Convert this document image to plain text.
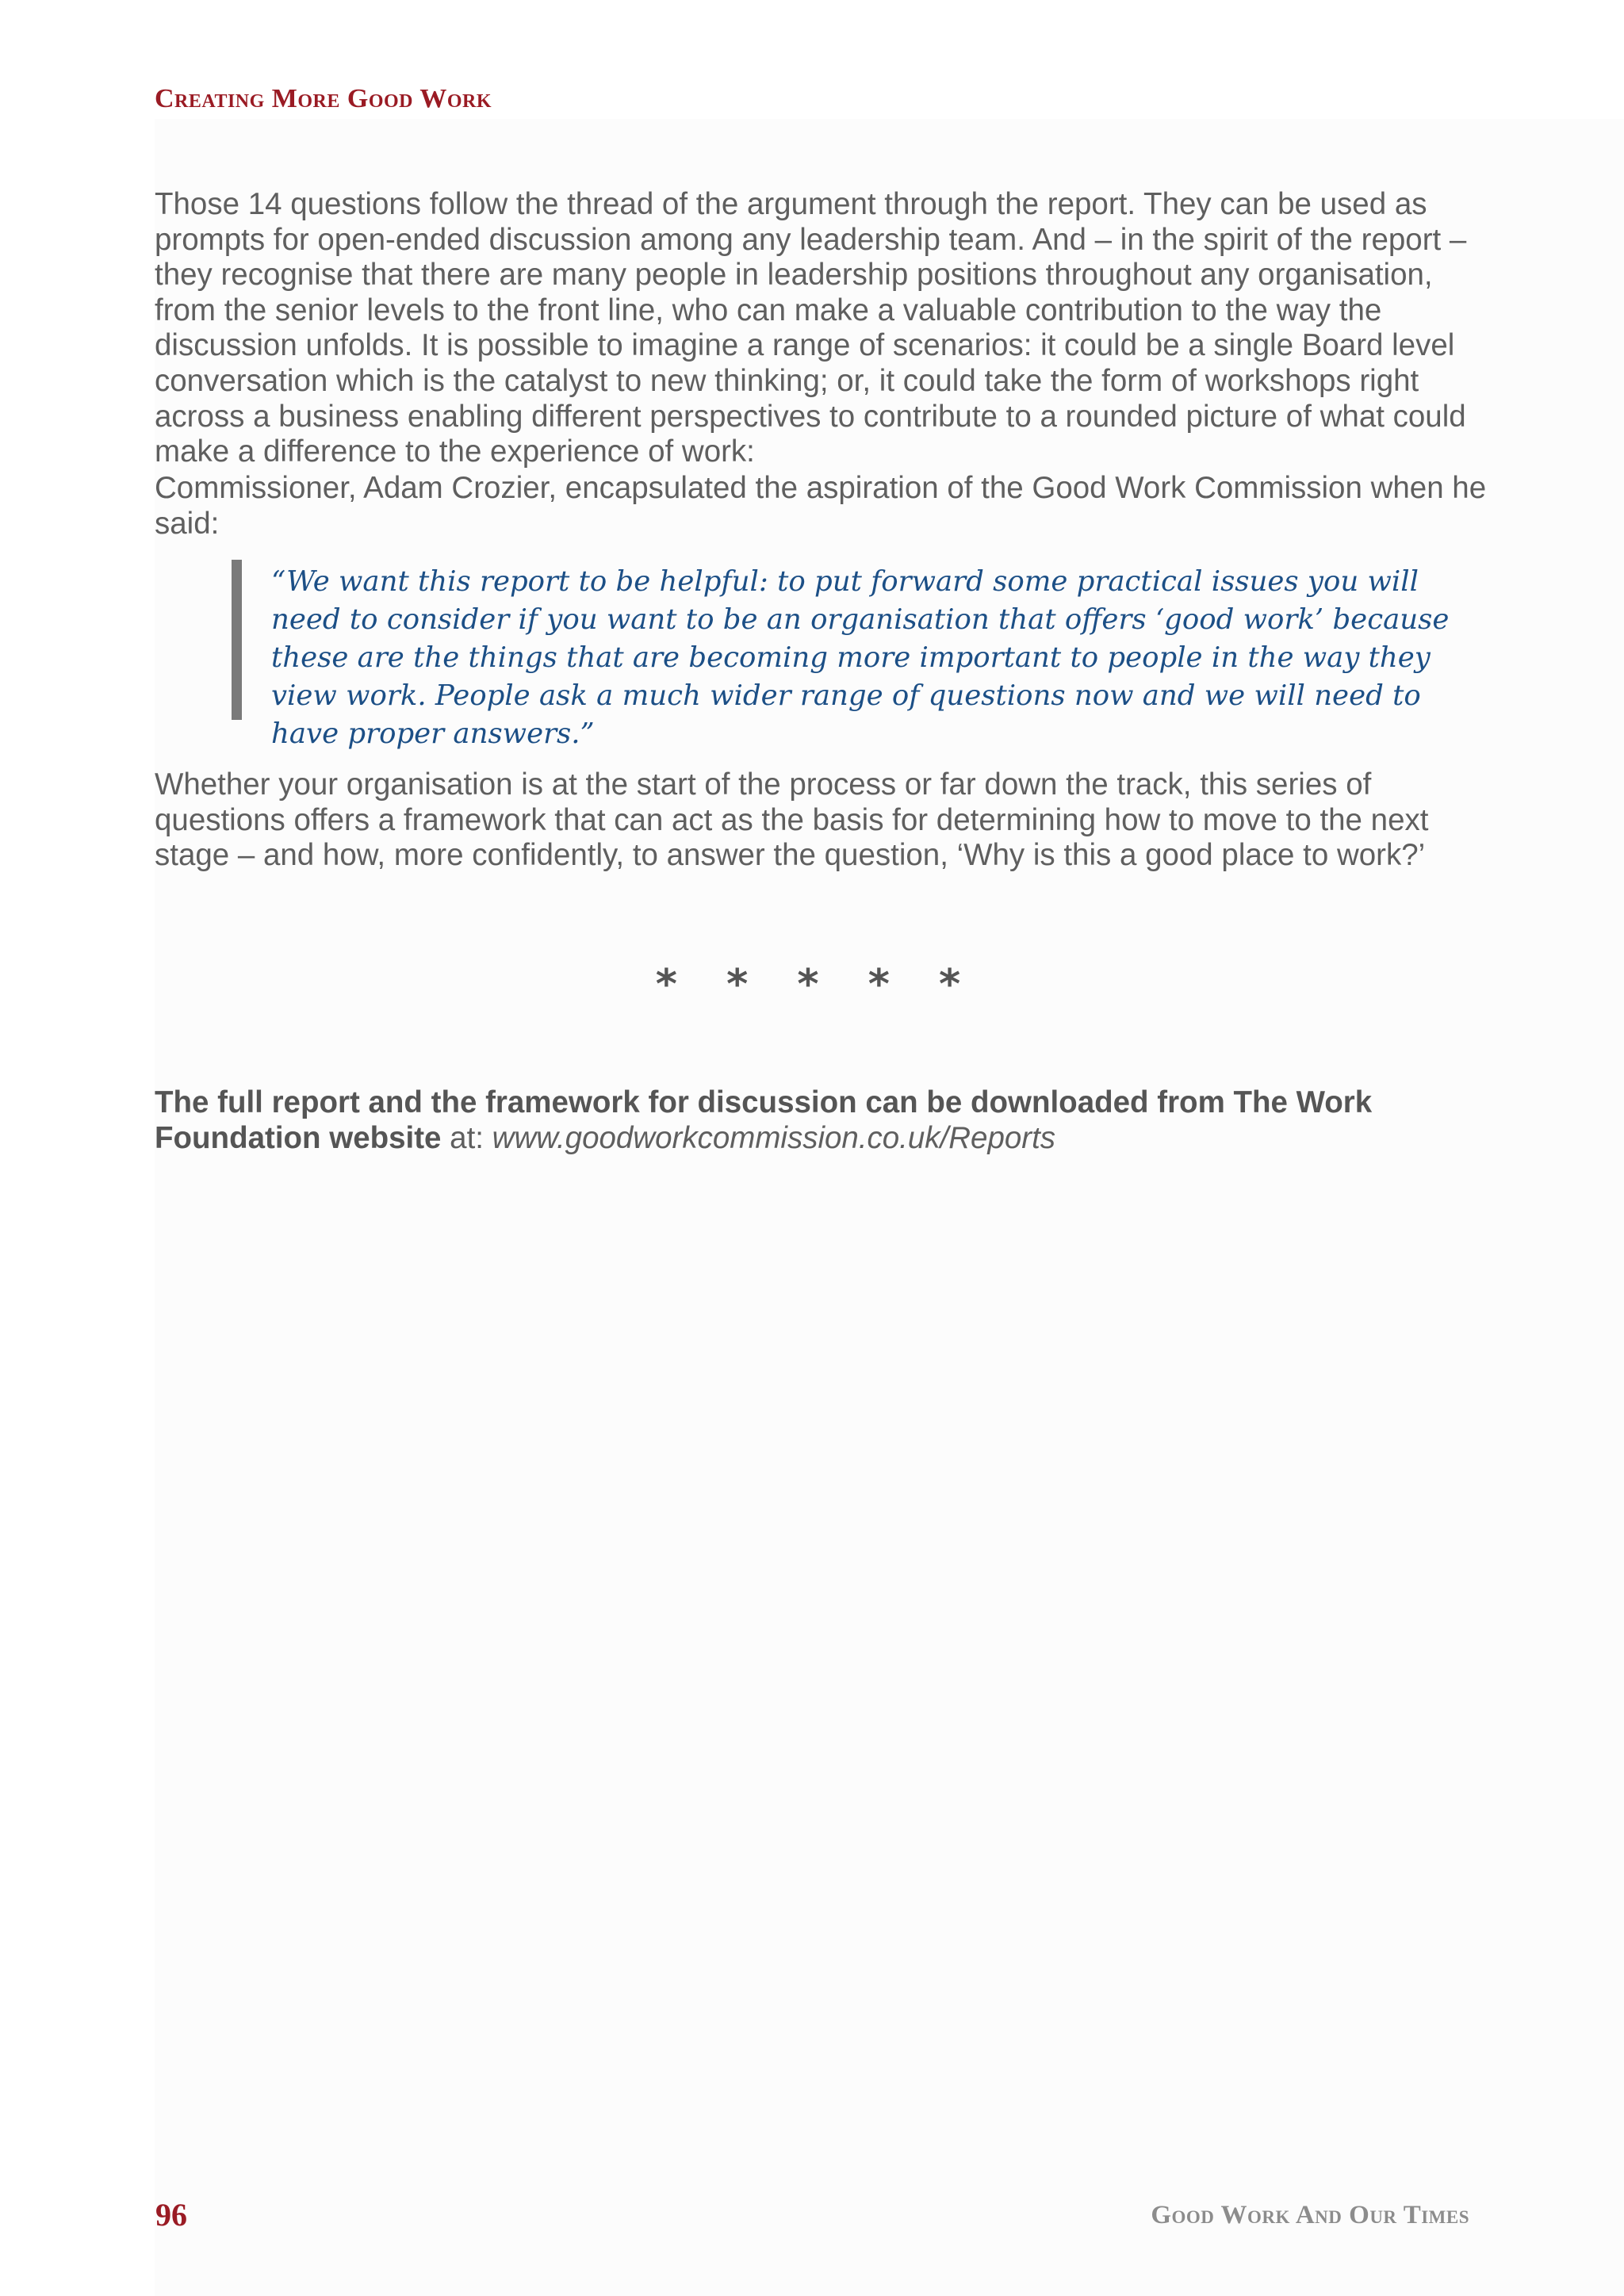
Creating More Good Work

Those 14 questions follow the thread of the argument through the report. They can be used as prompts for open-ended discussion among any leadership team. And – in the spirit of the report – they recognise that there are many people in leadership positions throughout any organisation, from the senior levels to the front line, who can make a valuable contribution to the way the discussion unfolds. It is possible to imagine a range of scenarios: it could be a single Board level conversation which is the catalyst to new thinking; or, it could take the form of workshops right across a business enabling different perspectives to contribute to a rounded picture of what could make a difference to the experience of work:

Commissioner, Adam Crozier, encapsulated the aspiration of the Good Work Commission when he said:

“We want this report to be helpful: to put forward some practical issues you will need to consider if you want to be an organisation that offers ‘good work’ because these are the things that are becoming more important to people in the way they view work. People ask a much wider range of questions now and we will need to have proper answers.”

Whether your organisation is at the start of the process or far down the track, this series of questions offers a framework that can act as the basis for determining how to move to the next stage – and how, more confidently, to answer the question, ‘Why is this a good place to work?’

* * * * *

The full report and the framework for discussion can be downloaded from The Work Foundation website at: www.goodworkcommission.co.uk/Reports

96	Good Work And Our Times
